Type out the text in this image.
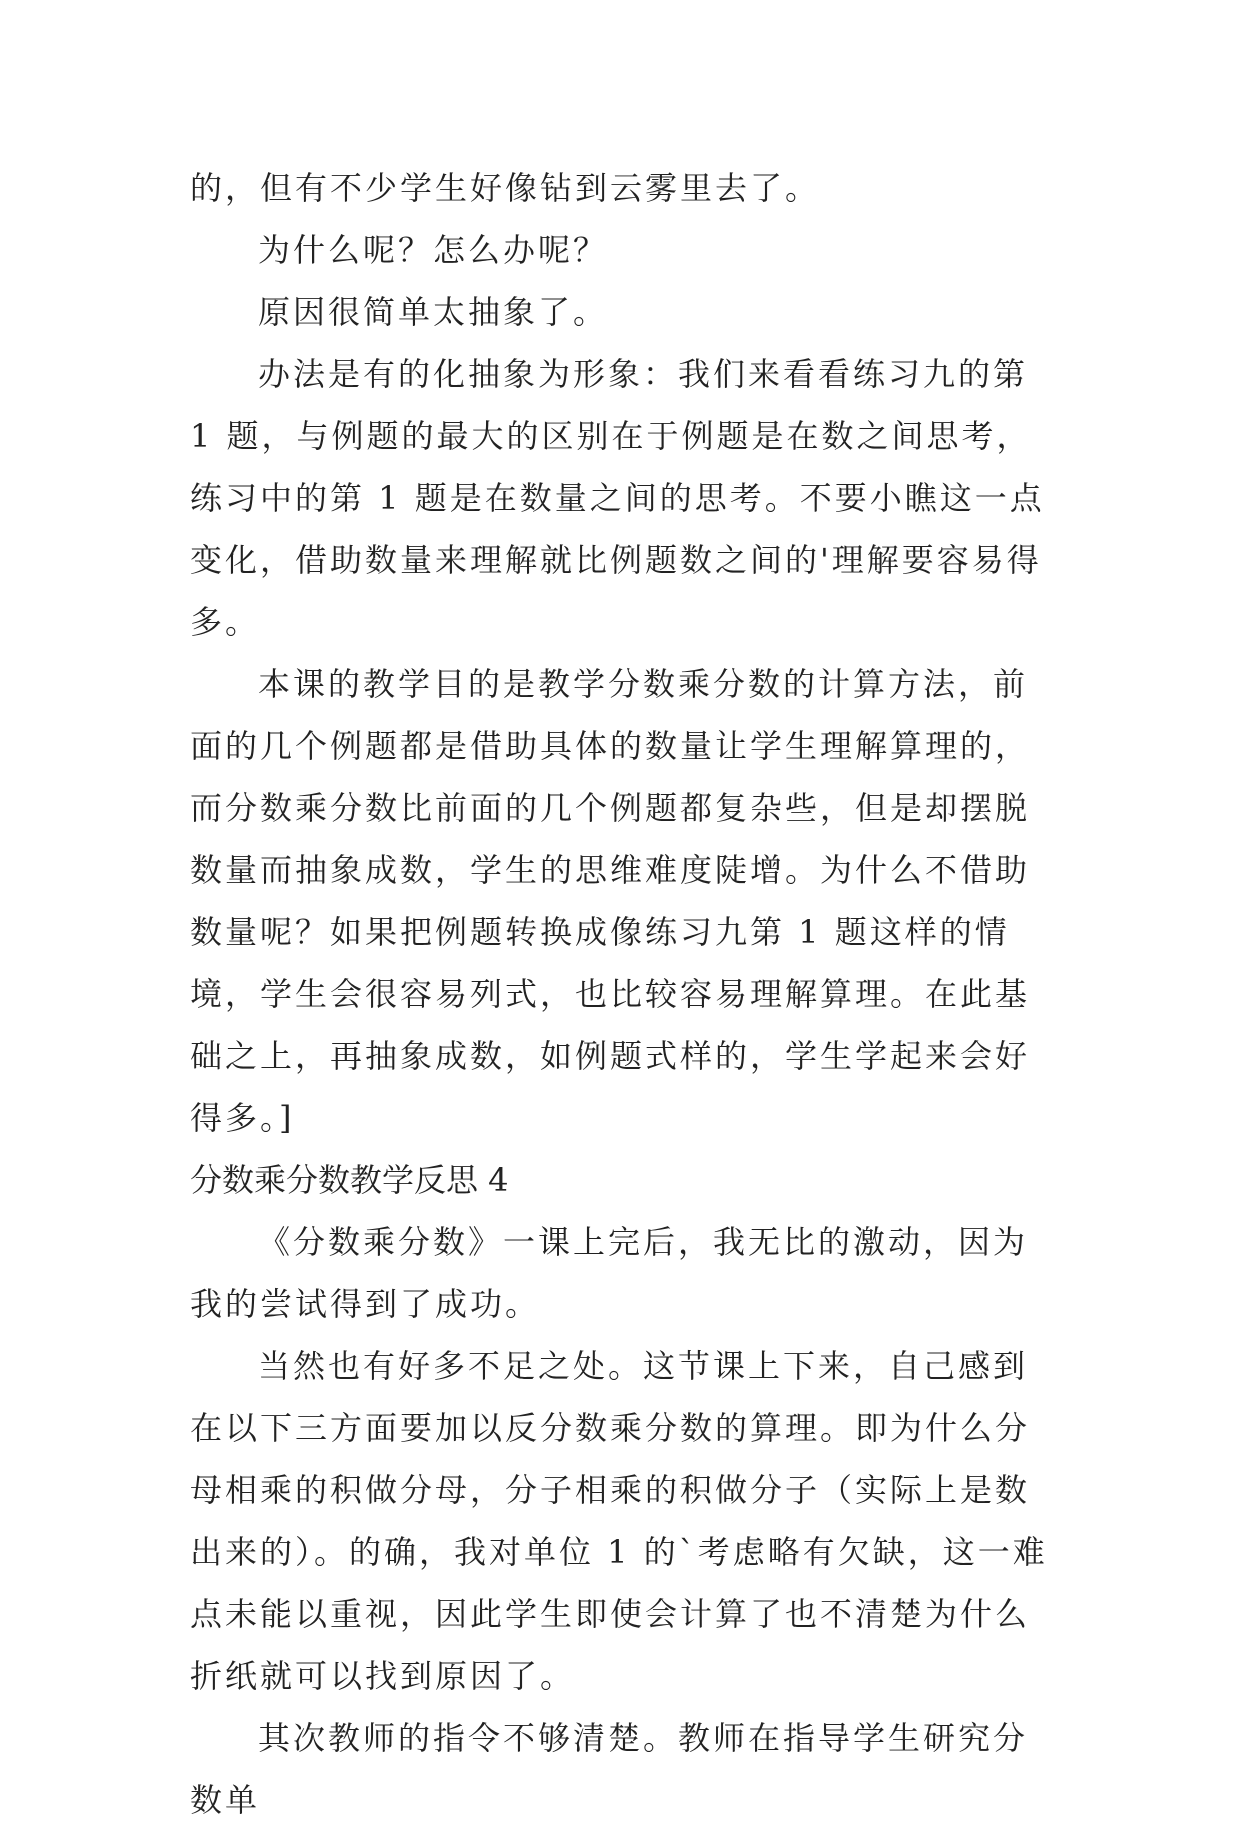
的，但有不少学生好像钻到云雾里去了。

为什么呢？怎么办呢？

原因很简单太抽象了。

办法是有的化抽象为形象：我们来看看练习九的第 1 题，与例题的最大的区别在于例题是在数之间思考，练习中的第 1 题是在数量之间的思考。不要小瞧这一点变化，借助数量来理解就比例题数之间的'理解要容易得多。

本课的教学目的是教学分数乘分数的计算方法，前面的几个例题都是借助具体的数量让学生理解算理的，而分数乘分数比前面的几个例题都复杂些，但是却摆脱数量而抽象成数，学生的思维难度陡增。为什么不借助数量呢？如果把例题转换成像练习九第 1 题这样的情境，学生会很容易列式，也比较容易理解算理。在此基础之上，再抽象成数，如例题式样的，学生学起来会好得多。]

分数乘分数教学反思 4

《分数乘分数》一课上完后，我无比的激动，因为我的尝试得到了成功。

当然也有好多不足之处。这节课上下来，自己感到在以下三方面要加以反分数乘分数的算理。即为什么分母相乘的积做分母，分子相乘的积做分子（实际上是数出来的）。的确，我对单位 1 的`考虑略有欠缺，这一难点未能以重视，因此学生即使会计算了也不清楚为什么折纸就可以找到原因了。

其次教师的指令不够清楚。教师在指导学生研究分数单
